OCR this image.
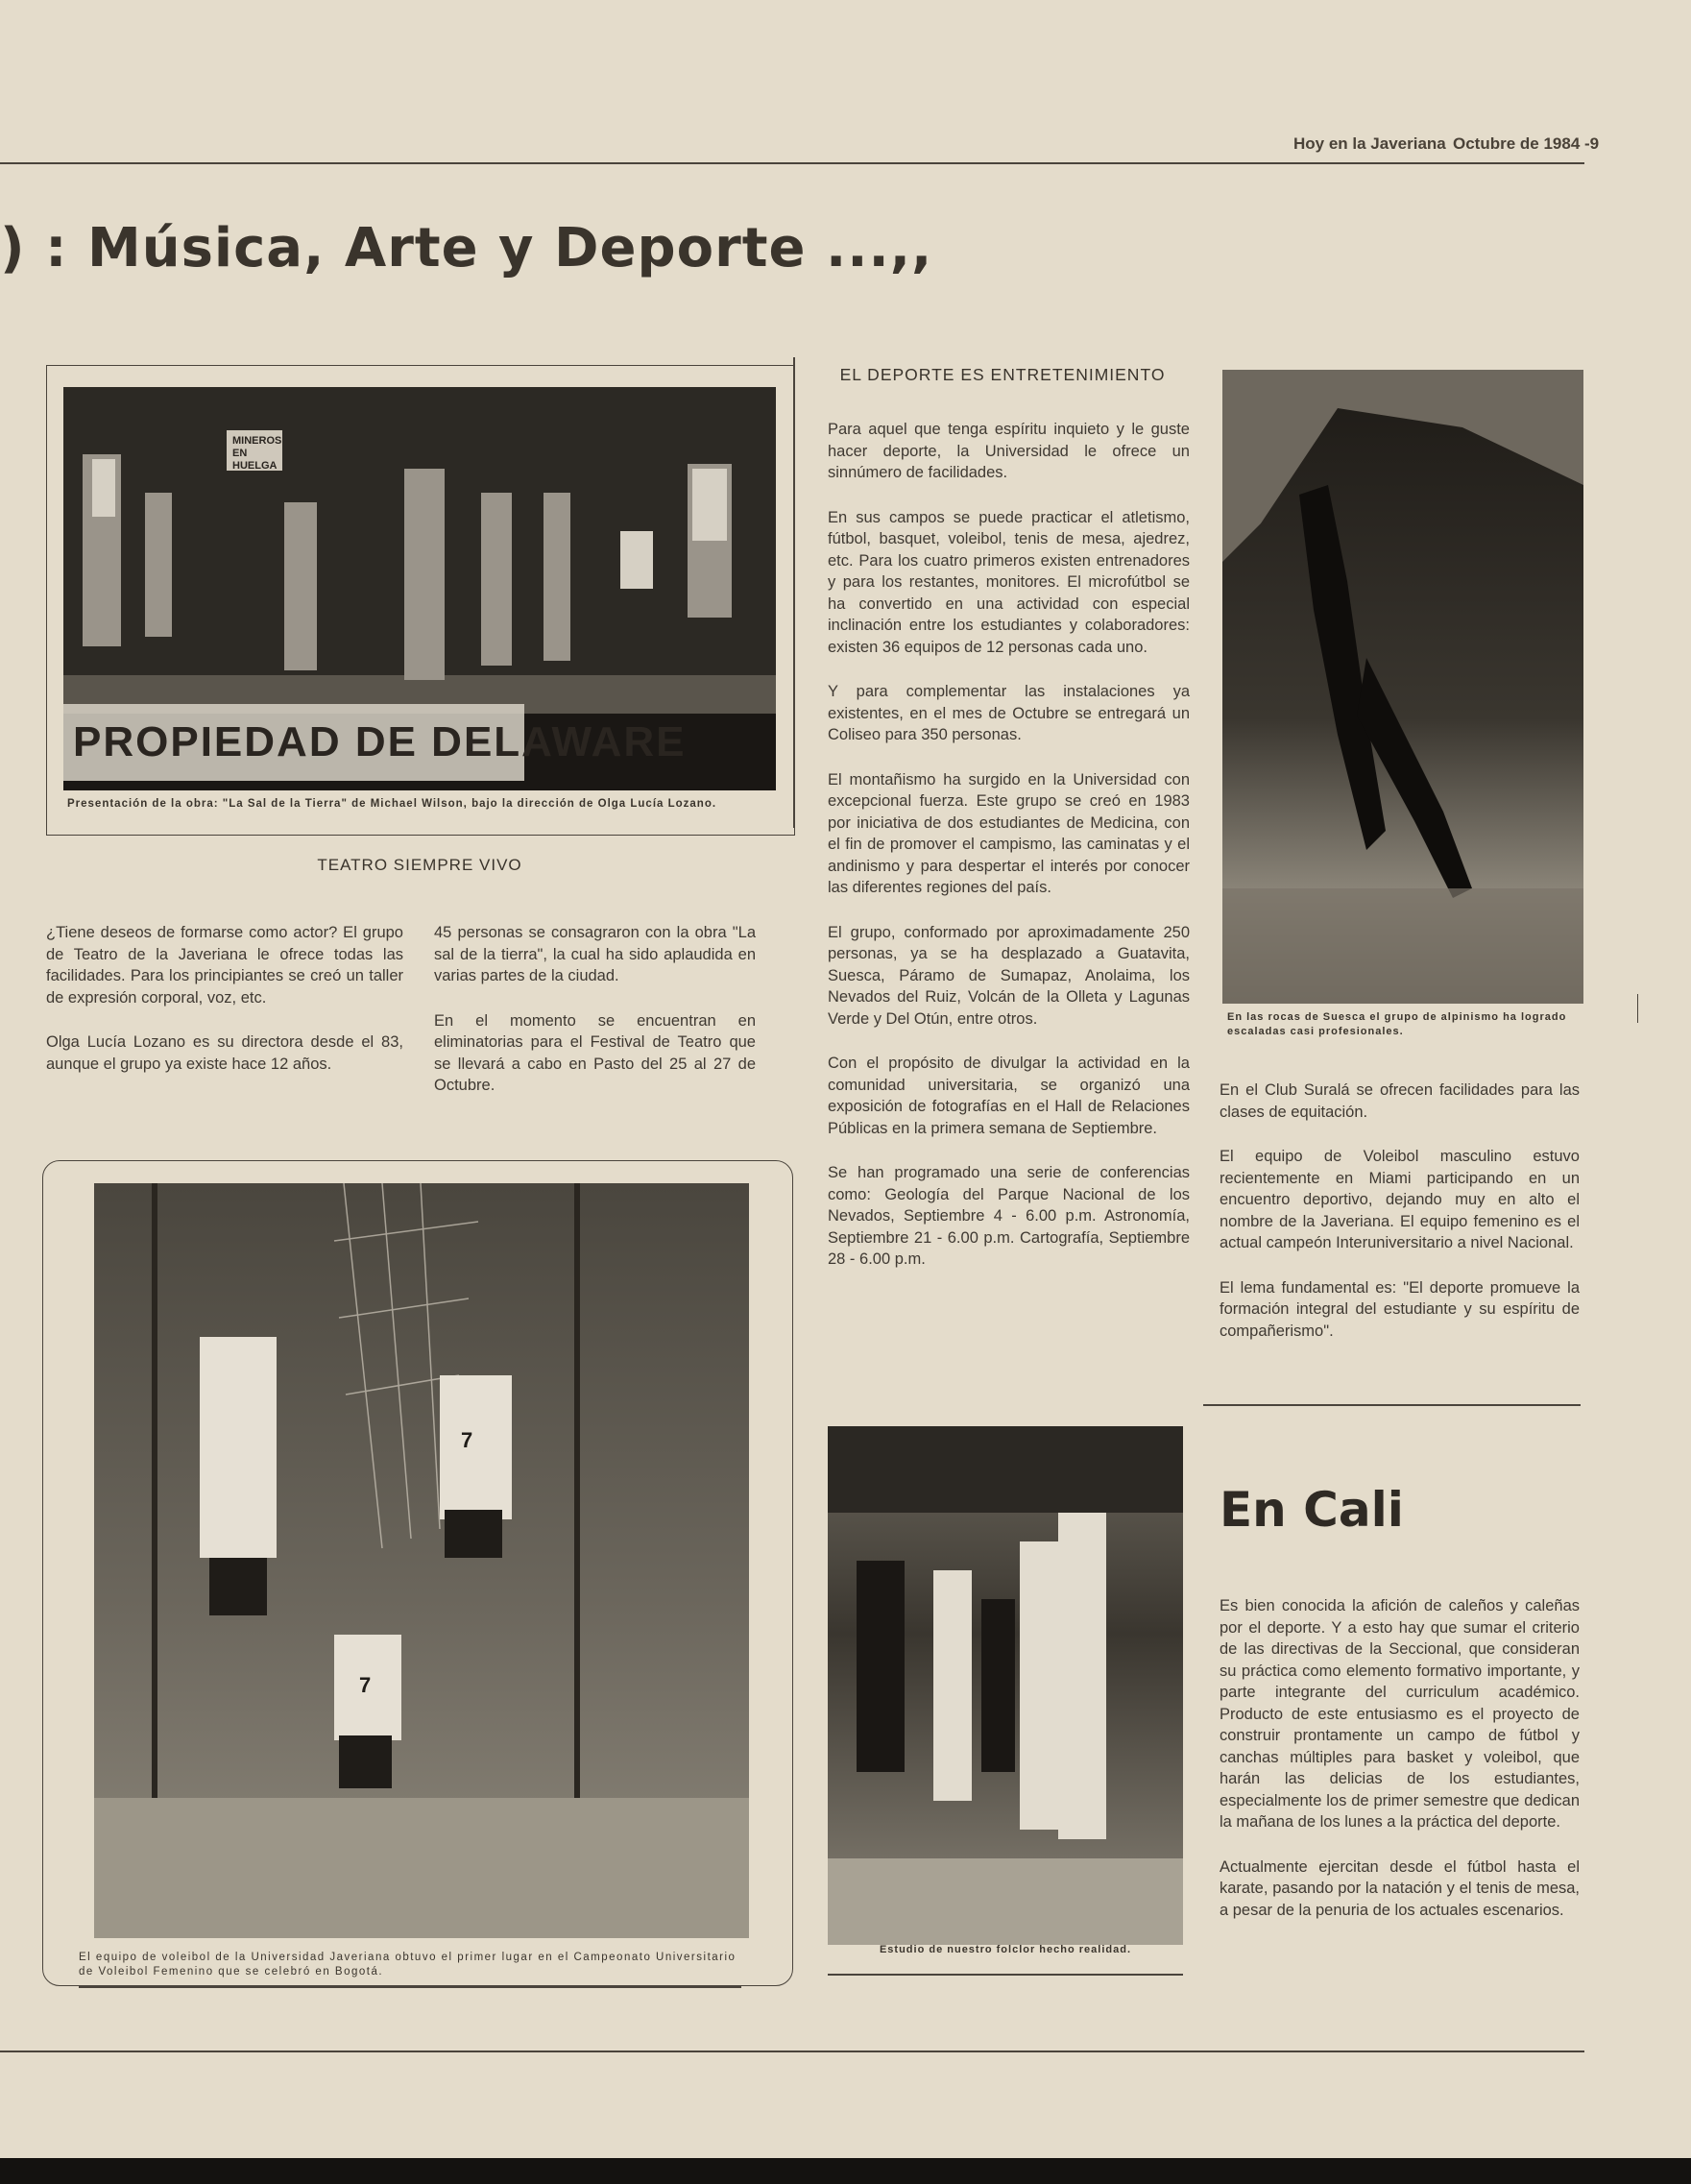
Hoy en la Javeriana Octubre de 1984 -9
) : Música, Arte y Deporte ...,,
MINEROS EN HUELGA
PROPIEDAD DE DELAWARE
Presentación de la obra: "La Sal de la Tierra" de Michael Wilson, bajo la dirección de Olga Lucía Lozano.
TEATRO SIEMPRE VIVO

¿Tiene deseos de formarse como actor? El grupo de Teatro de la Javeriana le ofrece todas las facilidades. Para los principiantes se creó un taller de expresión corporal, voz, etc.

Olga Lucía Lozano es su directora desde el 83, aunque el grupo ya existe hace 12 años.

45 personas se consagraron con la obra "La sal de la tierra", la cual ha sido aplaudida en varias partes de la ciudad.

En el momento se encuentran en eliminatorias para el Festival de Teatro que se llevará a cabo en Pasto del 25 al 27 de Octubre.

7
7
El equipo de voleibol de la Universidad Javeriana obtuvo el primer lugar en el Campeonato Universitario de Voleibol Femenino que se celebró en Bogotá.
EL DEPORTE ES ENTRETENIMIENTO

Para aquel que tenga espíritu inquieto y le guste hacer deporte, la Universidad le ofrece un sinnúmero de facilidades.

En sus campos se puede practicar el atletismo, fútbol, basquet, voleibol, tenis de mesa, ajedrez, etc. Para los cuatro primeros existen entrenadores y para los restantes, monitores. El microfútbol se ha convertido en una actividad con especial inclinación entre los estudiantes y colaboradores: existen 36 equipos de 12 personas cada uno.

Y para complementar las instalaciones ya existentes, en el mes de Octubre se entregará un Coliseo para 350 personas.

El montañismo ha surgido en la Universidad con excepcional fuerza. Este grupo se creó en 1983 por iniciativa de dos estudiantes de Medicina, con el fin de promover el campismo, las caminatas y el andinismo y para despertar el interés por conocer las diferentes regiones del país.

El grupo, conformado por aproximadamente 250 personas, ya se ha desplazado a Guatavita, Suesca, Páramo de Sumapaz, Anolaima, los Nevados del Ruiz, Volcán de la Olleta y Lagunas Verde y Del Otún, entre otros.

Con el propósito de divulgar la actividad en la comunidad universitaria, se organizó una exposición de fotografías en el Hall de Relaciones Públicas en la primera semana de Septiembre.

Se han programado una serie de conferencias como: Geología del Parque Nacional de los Nevados, Septiembre 4 - 6.00 p.m. Astronomía, Septiembre 21 - 6.00 p.m. Cartografía, Septiembre 28 - 6.00 p.m.

En las rocas de Suesca el grupo de alpinismo ha logrado escaladas casi profesionales.

En el Club Suralá se ofrecen facilidades para las clases de equitación.

El equipo de Voleibol masculino estuvo recientemente en Miami participando en un encuentro deportivo, dejando muy en alto el nombre de la Javeriana. El equipo femenino es el actual campeón Interuniversitario a nivel Nacional.

El lema fundamental es: "El deporte promueve la formación integral del estudiante y su espíritu de compañerismo".

Estudio de nuestro folclor hecho realidad.
En Cali

Es bien conocida la afición de caleños y caleñas por el deporte. Y a esto hay que sumar el criterio de las directivas de la Seccional, que consideran su práctica como elemento formativo importante, y parte integrante del curriculum académico. Producto de este entusiasmo es el proyecto de construir prontamente un campo de fútbol y canchas múltiples para basket y voleibol, que harán las delicias de los estudiantes, especialmente los de primer semestre que dedican la mañana de los lunes a la práctica del deporte.

Actualmente ejercitan desde el fútbol hasta el karate, pasando por la natación y el tenis de mesa, a pesar de la penuria de los actuales escenarios.
